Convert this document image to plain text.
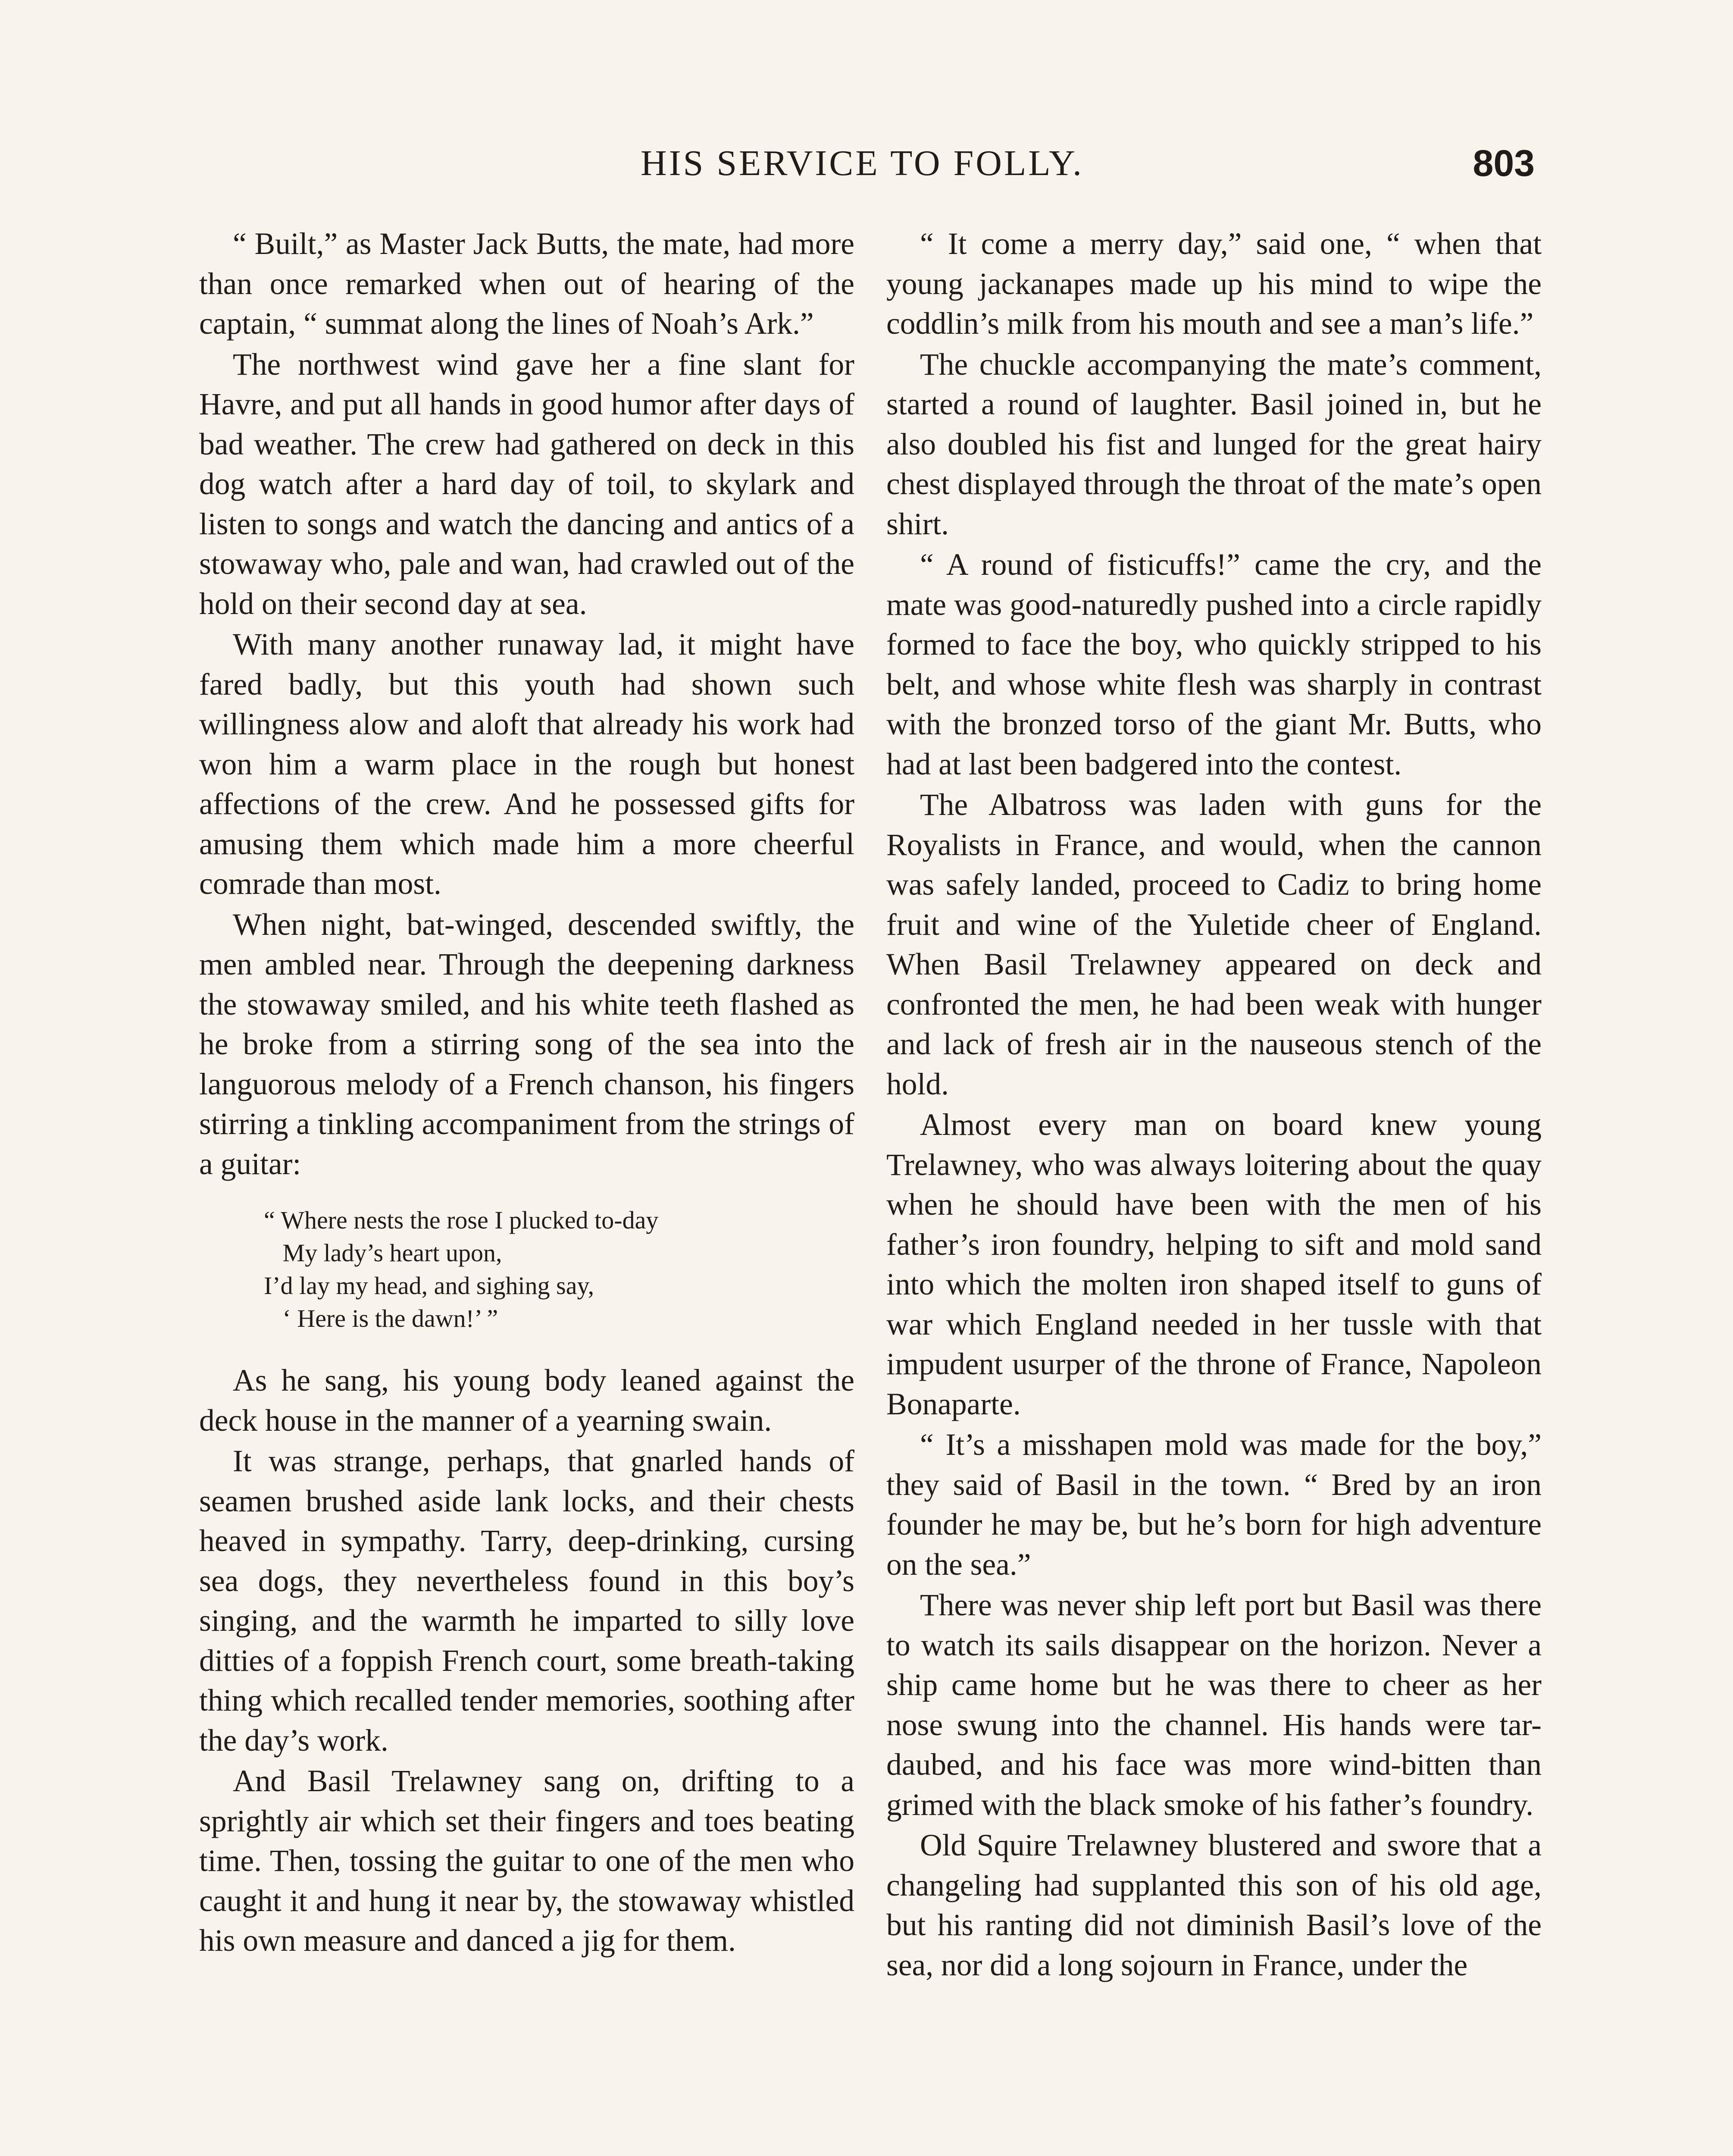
HIS SERVICE TO FOLLY.	803

“ Built,” as Master Jack Butts, the mate, had more than once remarked when out of hearing of the captain, “ summat along the lines of Noah’s Ark.”

The northwest wind gave her a fine slant for Havre, and put all hands in good humor after days of bad weather. The crew had gathered on deck in this dog watch after a hard day of toil, to skylark and listen to songs and watch the dancing and antics of a stowaway who, pale and wan, had crawled out of the hold on their second day at sea.

With many another runaway lad, it might have fared badly, but this youth had shown such willingness alow and aloft that already his work had won him a warm place in the rough but honest affections of the crew. And he possessed gifts for amusing them which made him a more cheerful comrade than most.

When night, bat-winged, descended swiftly, the men ambled near. Through the deepening darkness the stowaway smiled, and his white teeth flashed as he broke from a stirring song of the sea into the languorous melody of a French chanson, his fingers stirring a tinkling accompaniment from the strings of a guitar:

“ Where nests the rose I plucked to-day
My lady’s heart upon,
I’d lay my head, and sighing say,
‘ Here is the dawn!’ ”

As he sang, his young body leaned against the deck house in the manner of a yearning swain.

It was strange, perhaps, that gnarled hands of seamen brushed aside lank locks, and their chests heaved in sympathy. Tarry, deep-drinking, cursing sea dogs, they nevertheless found in this boy’s singing, and the warmth he imparted to silly love ditties of a foppish French court, some breath-taking thing which recalled tender memories, soothing after the day’s work.

And Basil Trelawney sang on, drifting to a sprightly air which set their fingers and toes beating time. Then, tossing the guitar to one of the men who caught it and hung it near by, the stowaway whistled his own measure and danced a jig for them.

“ It come a merry day,” said one, “ when that young jackanapes made up his mind to wipe the coddlin’s milk from his mouth and see a man’s life.”

The chuckle accompanying the mate’s comment, started a round of laughter. Basil joined in, but he also doubled his fist and lunged for the great hairy chest displayed through the throat of the mate’s open shirt.

“ A round of fisticuffs!” came the cry, and the mate was good-naturedly pushed into a circle rapidly formed to face the boy, who quickly stripped to his belt, and whose white flesh was sharply in contrast with the bronzed torso of the giant Mr. Butts, who had at last been badgered into the contest.

The Albatross was laden with guns for the Royalists in France, and would, when the cannon was safely landed, proceed to Cadiz to bring home fruit and wine of the Yuletide cheer of England. When Basil Trelawney appeared on deck and confronted the men, he had been weak with hunger and lack of fresh air in the nauseous stench of the hold.

Almost every man on board knew young Trelawney, who was always loitering about the quay when he should have been with the men of his father’s iron foundry, helping to sift and mold sand into which the molten iron shaped itself to guns of war which England needed in her tussle with that impudent usurper of the throne of France, Napoleon Bonaparte.

“ It’s a misshapen mold was made for the boy,” they said of Basil in the town. “ Bred by an iron founder he may be, but he’s born for high adventure on the sea.”

There was never ship left port but Basil was there to watch its sails disappear on the horizon. Never a ship came home but he was there to cheer as her nose swung into the channel. His hands were tar-daubed, and his face was more wind-bitten than grimed with the black smoke of his father’s foundry.

Old Squire Trelawney blustered and swore that a changeling had supplanted this son of his old age, but his ranting did not diminish Basil’s love of the sea, nor did a long sojourn in France, under the
